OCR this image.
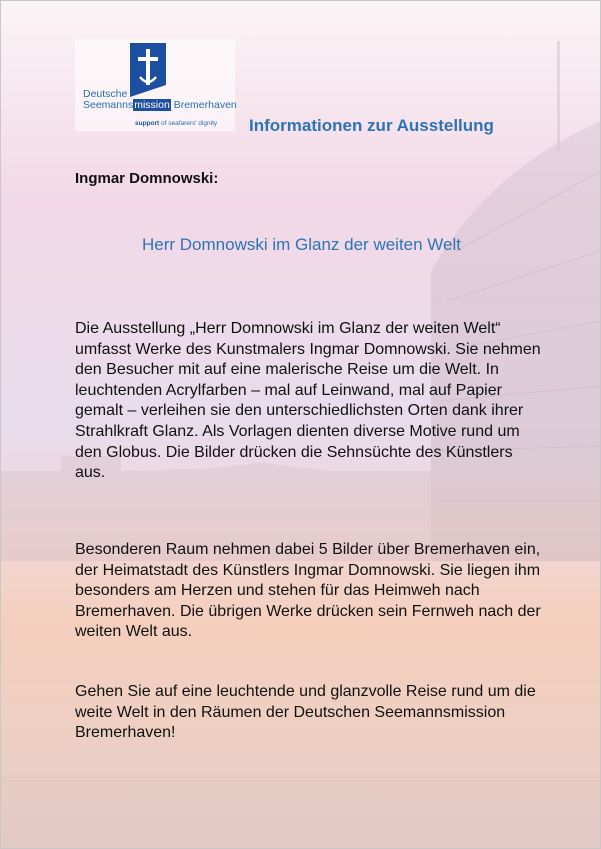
Deutsche
Seemannsmission Bremerhaven
support of seafarers' dignity Informationen zur Ausstellung
Ingmar Domnowski:
Herr Domnowski im Glanz der weiten Welt

Die Ausstellung „Herr Domnowski im Glanz der weiten Welt“ umfasst Werke des Kunstmalers Ingmar Domnowski. Sie nehmen den Besucher mit auf eine malerische Reise um die Welt. In leuchtenden Acrylfarben – mal auf Leinwand, mal auf Papier gemalt – verleihen sie den unterschiedlichsten Orten dank ihrer Strahlkraft Glanz. Als Vorlagen dienten diverse Motive rund um den Globus. Die Bilder drücken die Sehnsüchte des Künstlers aus.

Besonderen Raum nehmen dabei 5 Bilder über Bremerhaven ein, der Heimatstadt des Künstlers Ingmar Domnowski. Sie liegen ihm besonders am Herzen und stehen für das Heimweh nach Bremerhaven. Die übrigen Werke drücken sein Fernweh nach der weiten Welt aus.

Gehen Sie auf eine leuchtende und glanzvolle Reise rund um die weite Welt in den Räumen der Deutschen Seemannsmission Bremerhaven!
